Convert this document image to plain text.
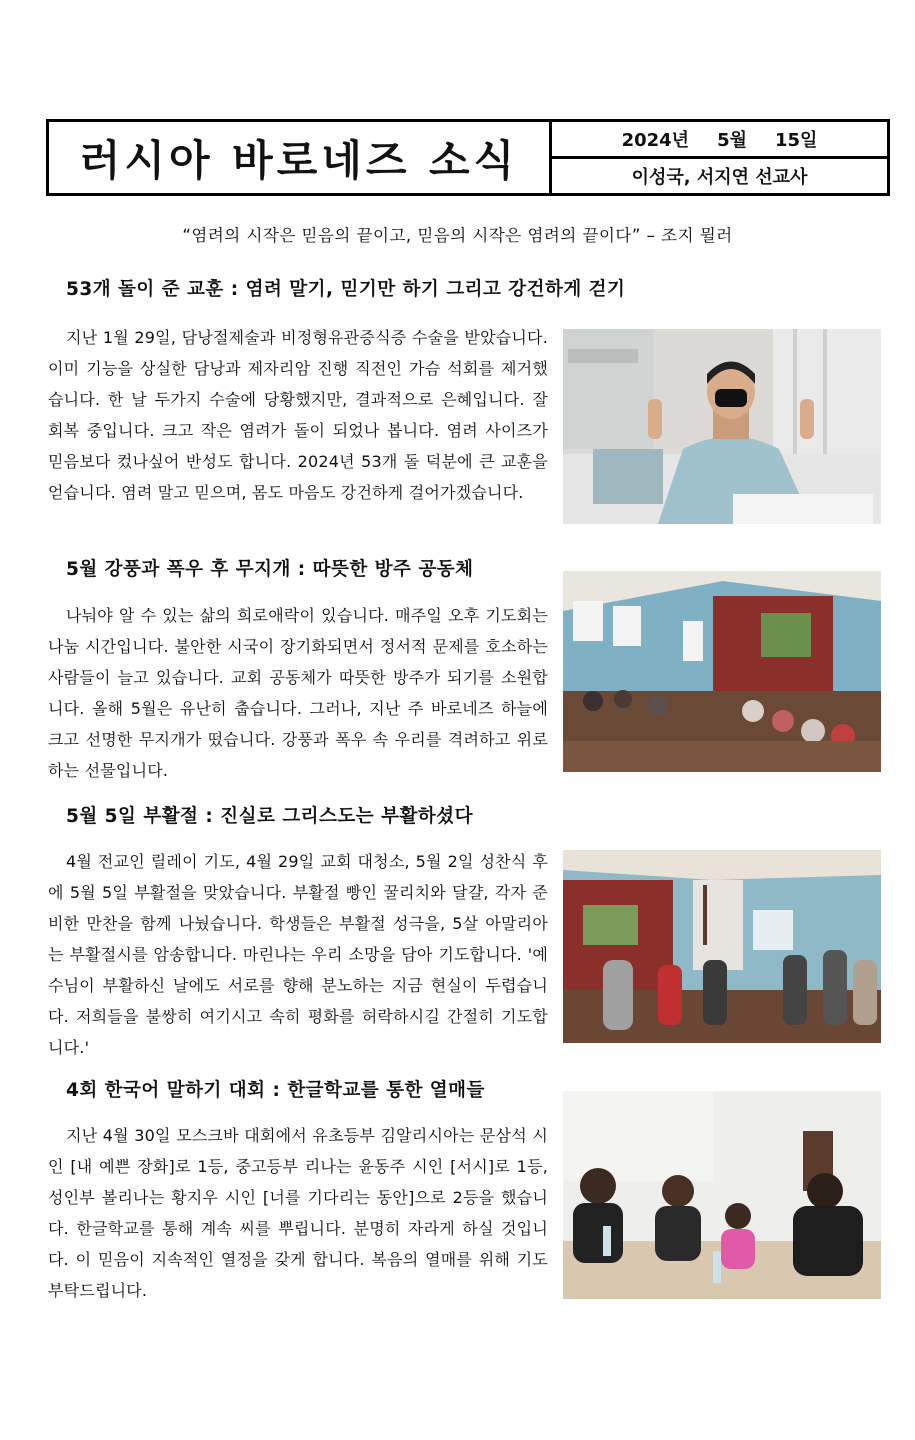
러시아 바로네즈 소식	2024년 5월 15일
이성국, 서지연 선교사
“염려의 시작은 믿음의 끝이고, 믿음의 시작은 염려의 끝이다” – 조지 뮐러
53개 돌이 준 교훈 : 염려 말기, 믿기만 하기 그리고 강건하게 걷기

지난 1월 29일, 담낭절제술과 비정형유관증식증 수술을 받았습니다. 이미 기능을 상실한 담낭과 제자리암 진행 직전인 가슴 석회를 제거했습니다. 한 날 두가지 수술에 당황했지만, 결과적으로 은혜입니다. 잘 회복 중입니다. 크고 작은 염려가 돌이 되었나 봅니다. 염려 사이즈가 믿음보다 컸나싶어 반성도 합니다. 2024년 53개 돌 덕분에 큰 교훈을 얻습니다. 염려 말고 믿으며, 몸도 마음도 강건하게 걸어가겠습니다.

5월 강풍과 폭우 후 무지개 : 따뜻한 방주 공동체

나눠야 알 수 있는 삶의 희로애락이 있습니다. 매주일 오후 기도회는 나눔 시간입니다. 불안한 시국이 장기화되면서 정서적 문제를 호소하는 사람들이 늘고 있습니다. 교회 공동체가 따뜻한 방주가 되기를 소원합니다. 올해 5월은 유난히 춥습니다. 그러나, 지난 주 바로네즈 하늘에 크고 선명한 무지개가 떴습니다. 강풍과 폭우 속 우리를 격려하고 위로하는 선물입니다.

5월 5일 부활절 : 진실로 그리스도는 부활하셨다

4월 전교인 릴레이 기도, 4월 29일 교회 대청소, 5월 2일 성찬식 후에 5월 5일 부활절을 맞았습니다. 부활절 빵인 꿀리치와 달걀, 각자 준비한 만찬을 함께 나눴습니다. 학생들은 부활절 성극을, 5살 아말리아는 부활절시를 암송합니다. 마린나는 우리 소망을 담아 기도합니다. '예수님이 부활하신 날에도 서로를 향해 분노하는 지금 현실이 두렵습니다. 저희들을 불쌍히 여기시고 속히 평화를 허락하시길 간절히 기도합니다.'

4회 한국어 말하기 대회 : 한글학교를 통한 열매들

지난 4월 30일 모스크바 대회에서 유초등부 김알리시아는 문삼석 시인 [내 예쁜 장화]로 1등, 중고등부 리나는 윤동주 시인 [서시]로 1등, 성인부 볼리나는 황지우 시인 [너를 기다리는 동안]으로 2등을 했습니다. 한글학교를 통해 계속 씨를 뿌립니다. 분명히 자라게 하실 것입니다. 이 믿음이 지속적인 열정을 갖게 합니다. 복음의 열매를 위해 기도 부탁드립니다.
